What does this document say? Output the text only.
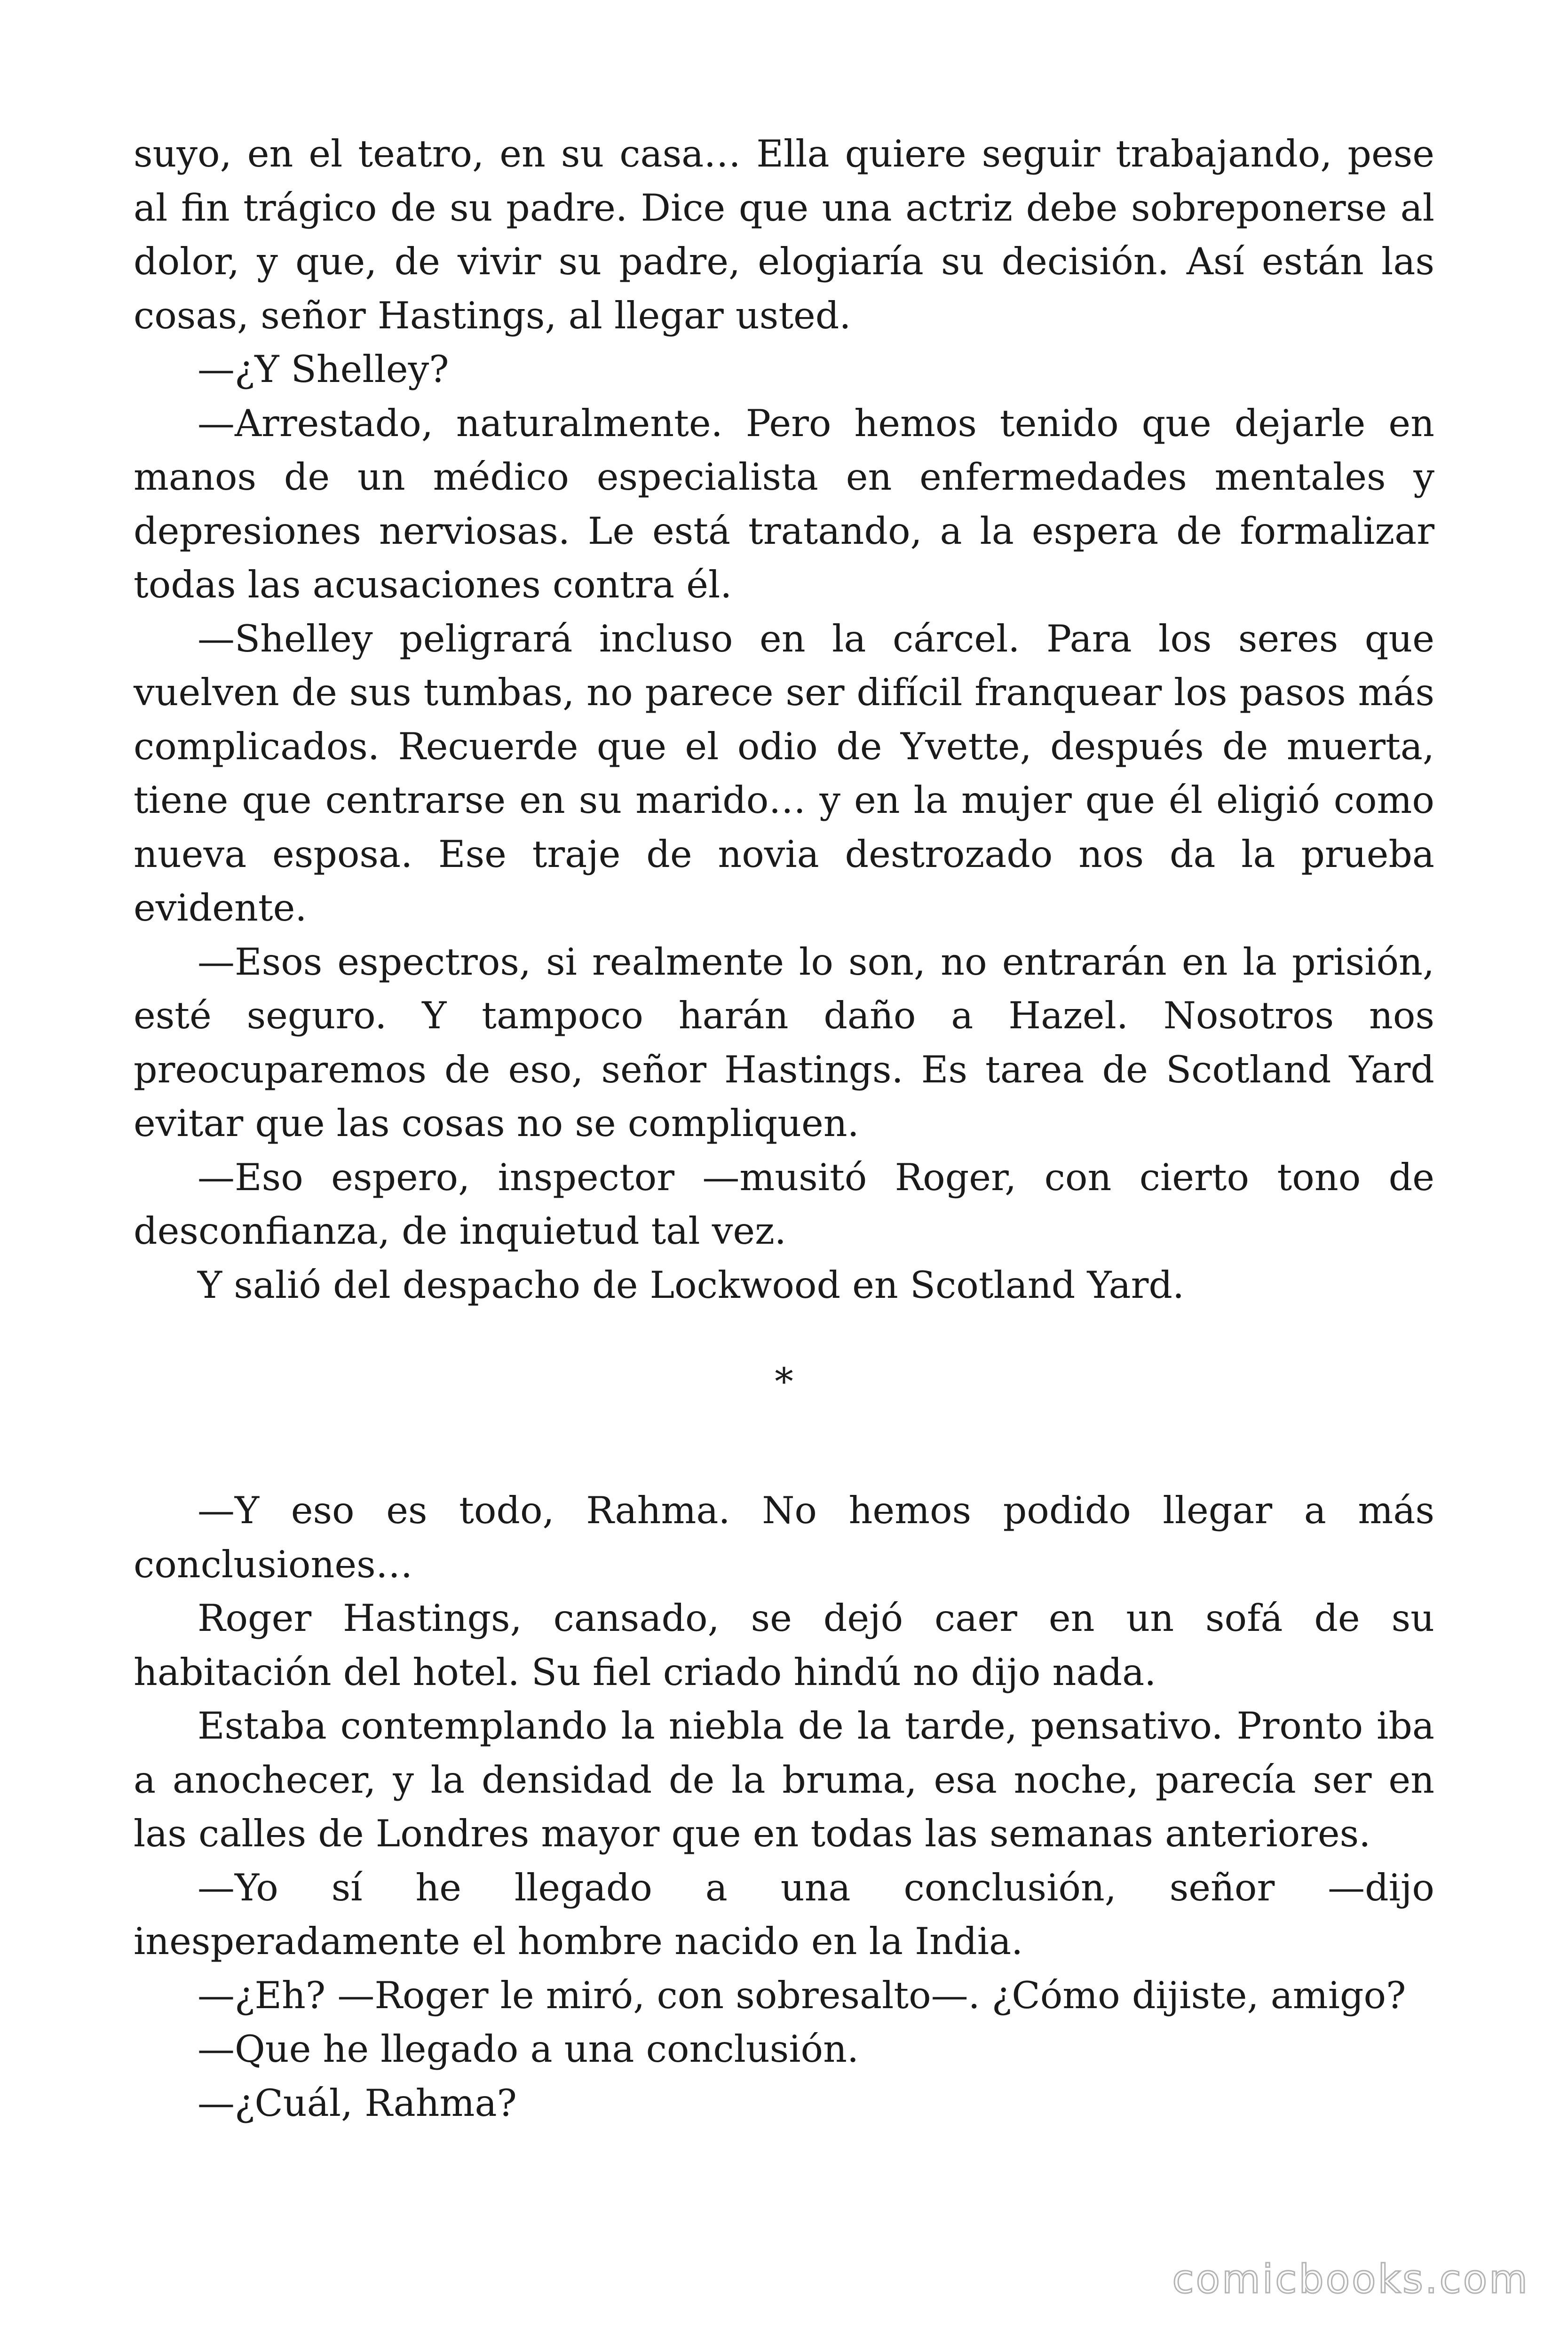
suyo, en el teatro, en su casa… Ella quiere seguir trabajando, pese al fin trágico de su padre. Dice que una actriz debe sobreponerse al dolor, y que, de vivir su padre, elogiaría su decisión. Así están las cosas, señor Hastings, al llegar usted.

—¿Y Shelley?

—Arrestado, naturalmente. Pero hemos tenido que dejarle en manos de un médico especialista en enfermedades mentales y depresiones nerviosas. Le está tratando, a la espera de formalizar todas las acusaciones contra él.

—Shelley peligrará incluso en la cárcel. Para los seres que vuelven de sus tumbas, no parece ser difícil franquear los pasos más complicados. Recuerde que el odio de Yvette, después de muerta, tiene que centrarse en su marido… y en la mujer que él eligió como nueva esposa. Ese traje de novia destrozado nos da la prueba evidente.

—Esos espectros, si realmente lo son, no entrarán en la prisión, esté seguro. Y tampoco harán daño a Hazel. Nosotros nos preocuparemos de eso, señor Hastings. Es tarea de Scotland Yard evitar que las cosas no se compliquen.

—Eso espero, inspector —musitó Roger, con cierto tono de desconfianza, de inquietud tal vez.

Y salió del despacho de Lockwood en Scotland Yard.

*

—Y eso es todo, Rahma. No hemos podido llegar a más conclusiones…

Roger Hastings, cansado, se dejó caer en un sofá de su habitación del hotel. Su fiel criado hindú no dijo nada.

Estaba contemplando la niebla de la tarde, pensativo. Pronto iba a anochecer, y la densidad de la bruma, esa noche, parecía ser en las calles de Londres mayor que en todas las semanas anteriores.

—Yo sí he llegado a una conclusión, señor —dijo inesperadamente el hombre nacido en la India.

—¿Eh? —Roger le miró, con sobresalto—. ¿Cómo dijiste, amigo?

—Que he llegado a una conclusión.

—¿Cuál, Rahma?

comicbooks.com
